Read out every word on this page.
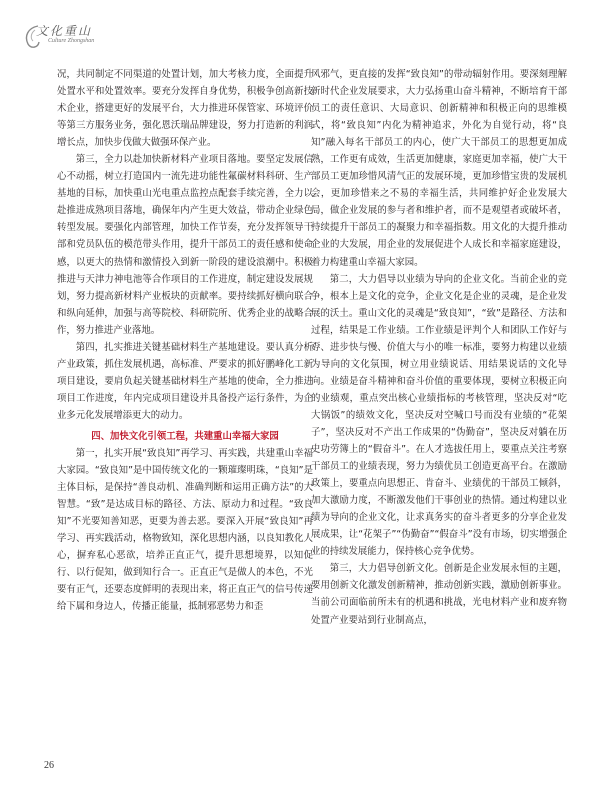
文化重山
Culture Zhongshan

况，共同制定不同渠道的处置计划，加大考核力度，全面提升处置水平和处置效率。要充分发挥自身优势，积极争创高新技术企业，搭建更好的发展平台，大力推进环保管家、环境评价等第三方服务业务，强化恩沃瑞品牌建设，努力打造新的利润增长点，加快步伐做大做强环保产业。

第三，全力以赴加快新材料产业项目落地。要坚定发展信心不动摇，树立打造国内一流先进功能性氟碳材料科研、生产基地的目标，加快重山光电重点监控点配套手续完善，全力以赴推进成熟项目落地，确保年内产生更大效益，带动企业绿色转型发展。要强化内部管理，加快工作节奏，充分发挥领导干部和党员队伍的模范带头作用，提升干部员工的责任感和使命感，以更大的热情和激情投入到新一阶段的建设浪潮中。积极推进与天津力神电池等合作项目的工作进度，制定建设发展规划，努力提高新材料产业板块的贡献率。要持续抓好横向联合和纵向延伸，加强与高等院校、科研院所、优秀企业的战略合作，努力推进产业落地。

第四，扎实推进关键基础材料生产基地建设。要认真分析产业政策，抓住发展机遇，高标准、严要求的抓好鹏峰化工新项目建设，要肩负起关键基础材料生产基地的使命，全力推进项目工作进度，年内完成项目建设并具备投产运行条件，为企业多元化发展增添更大的动力。

四、加快文化引领工程，共建重山幸福大家园

第一，扎实开展“致良知”再学习、再实践，共建重山幸福大家园。“致良知”是中国传统文化的一颗璀璨明珠，“良知”是主体目标，是保持“善良动机、准确判断和运用正确方法”的大智慧。“致”是达成目标的路径、方法、原动力和过程。“致良知”不光要知善知恶，更要为善去恶。要深入开展“致良知”再学习、再实践活动，格物致知，深化思想内涵，以良知教化人心，摒弃私心恶欲，培养正直正气，提升思想境界，以知促行、以行促知，做到知行合一。正直正气是做人的本色，不光要有正气，还要态度鲜明的表现出来，将正直正气的信号传递给下属和身边人，传播正能量，抵制邪恶势力和歪

风邪气，更直接的发挥“致良知”的带动辐射作用。要深刻理解新时代企业发展要求，大力弘扬重山奋斗精神，不断培育干部员工的责任意识、大局意识、创新精神和积极正向的思维模式，将“致良知”内化为精神追求，外化为自觉行动，将“良知”融入每名干部员工的内心，使广大干部员工的思想更加成熟，工作更有成效，生活更加健康，家庭更加幸福，使广大干部员工更加珍惜风清气正的发展环境，更加珍惜宝贵的发展机会，更加珍惜来之不易的幸福生活，共同维护好企业发展大局，做企业发展的参与者和维护者，而不是观望者或破坏者，持续提升干部员工的凝聚力和幸福指数。用文化的大提升推动企业的大发展，用企业的发展促进个人成长和幸福家庭建设，着力构建重山幸福大家园。

第二，大力倡导以业绩为导向的企业文化。当前企业的竞争，根本上是文化的竞争，企业文化是企业的灵魂，是企业发展的沃土。重山文化的灵魂是“致良知”，“致”是路径、方法和过程，结果是工作业绩。工作业绩是评判个人和团队工作好与孬、进步快与慢、价值大与小的唯一标准，要努力构建以业绩为导向的文化氛围，树立用业绩说话、用结果说话的文化导向。业绩是奋斗精神和奋斗价值的重要体现，要树立积极正向的业绩观，重点突出核心业绩指标的考核管理，坚决反对“吃大锅饭”的绩效文化，坚决反对空喊口号而没有业绩的“花架子”，坚决反对不产出工作成果的“伪勤奋”，坚决反对躺在历史功劳簿上的“假奋斗”。在人才选拔任用上，要重点关注考察干部员工的业绩表现，努力为绩优员工创造更高平台。在激励政策上，要重点向思想正、肯奋斗、业绩优的干部员工倾斜，加大激励力度，不断激发他们干事创业的热情。通过构建以业绩为导向的企业文化，让求真务实的奋斗者更多的分享企业发展成果，让“花架子”“伪勤奋”“假奋斗”没有市场，切实增强企业的持续发展能力，保持核心竞争优势。

第三，大力倡导创新文化。创新是企业发展永恒的主题，要用创新文化激发创新精神，推动创新实践，激励创新事业。当前公司面临前所未有的机遇和挑战，光电材料产业和废弃物处置产业要站到行业制高点，

26
